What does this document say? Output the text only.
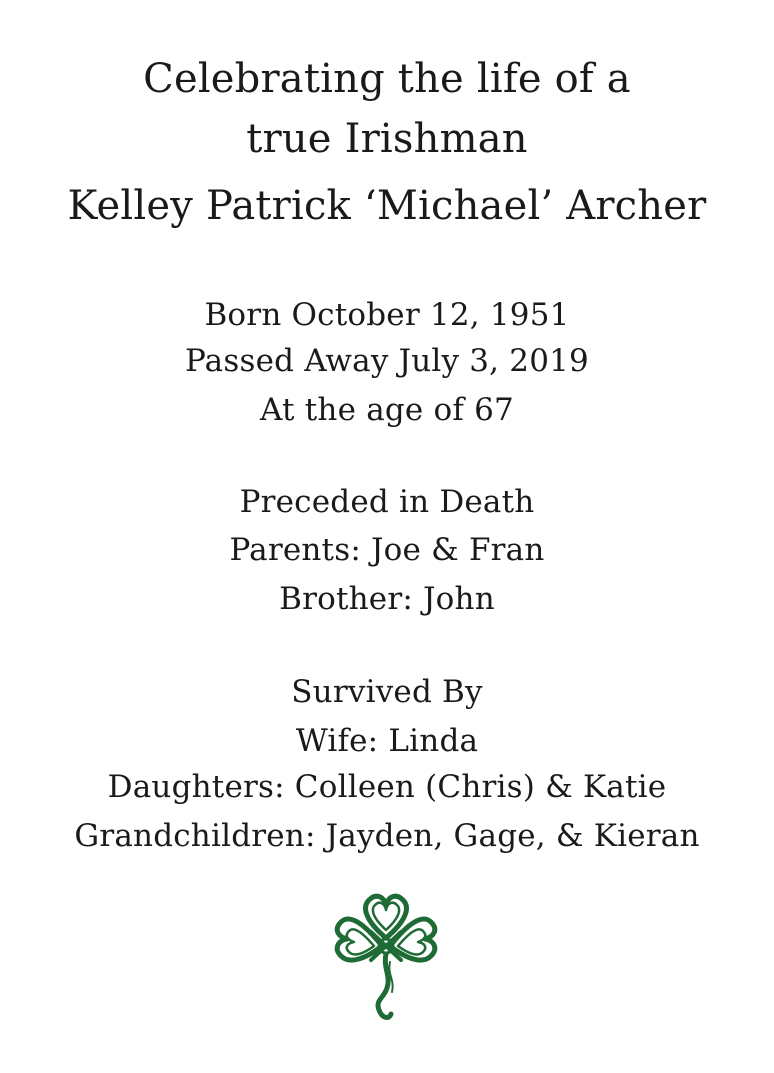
Celebrating the life of a
true Irishman
Kelley Patrick ‘Michael’ Archer
Born October 12, 1951
Passed Away July 3, 2019
At the age of 67
Preceded in Death
Parents: Joe & Fran
Brother: John
Survived By
Wife: Linda
Daughters: Colleen (Chris) & Katie
Grandchildren: Jayden, Gage, & Kieran
